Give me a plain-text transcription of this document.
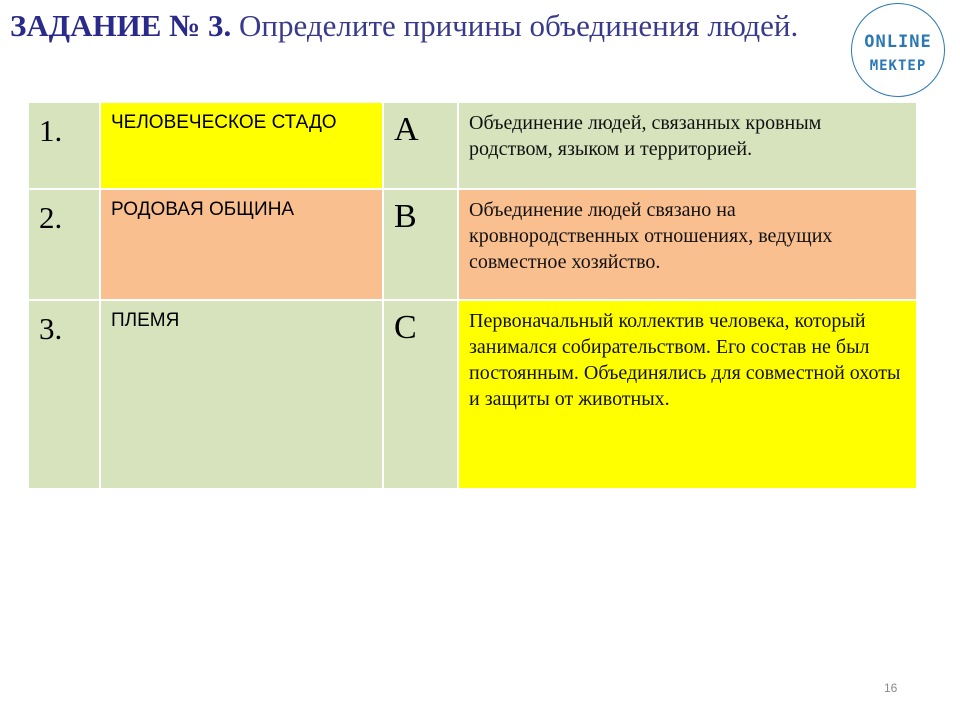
ЗАДАНИЕ № 3. Определите причины объединения людей.	ONLINE
MEKTEP
1.	ЧЕЛОВЕЧЕСКОЕ СТАДО	A	Объединение людей, связанных кровным родством, языком и территорией.
2.	РОДОВАЯ ОБЩИНА	B	Объединение людей связано на кровнородственных отношениях, ведущих совместное хозяйство.
3.	ПЛЕМЯ	C	Первоначальный коллектив человека, который занимался собирательством. Его состав не был постоянным. Объединялись для совместной охоты и защиты от животных.
16
